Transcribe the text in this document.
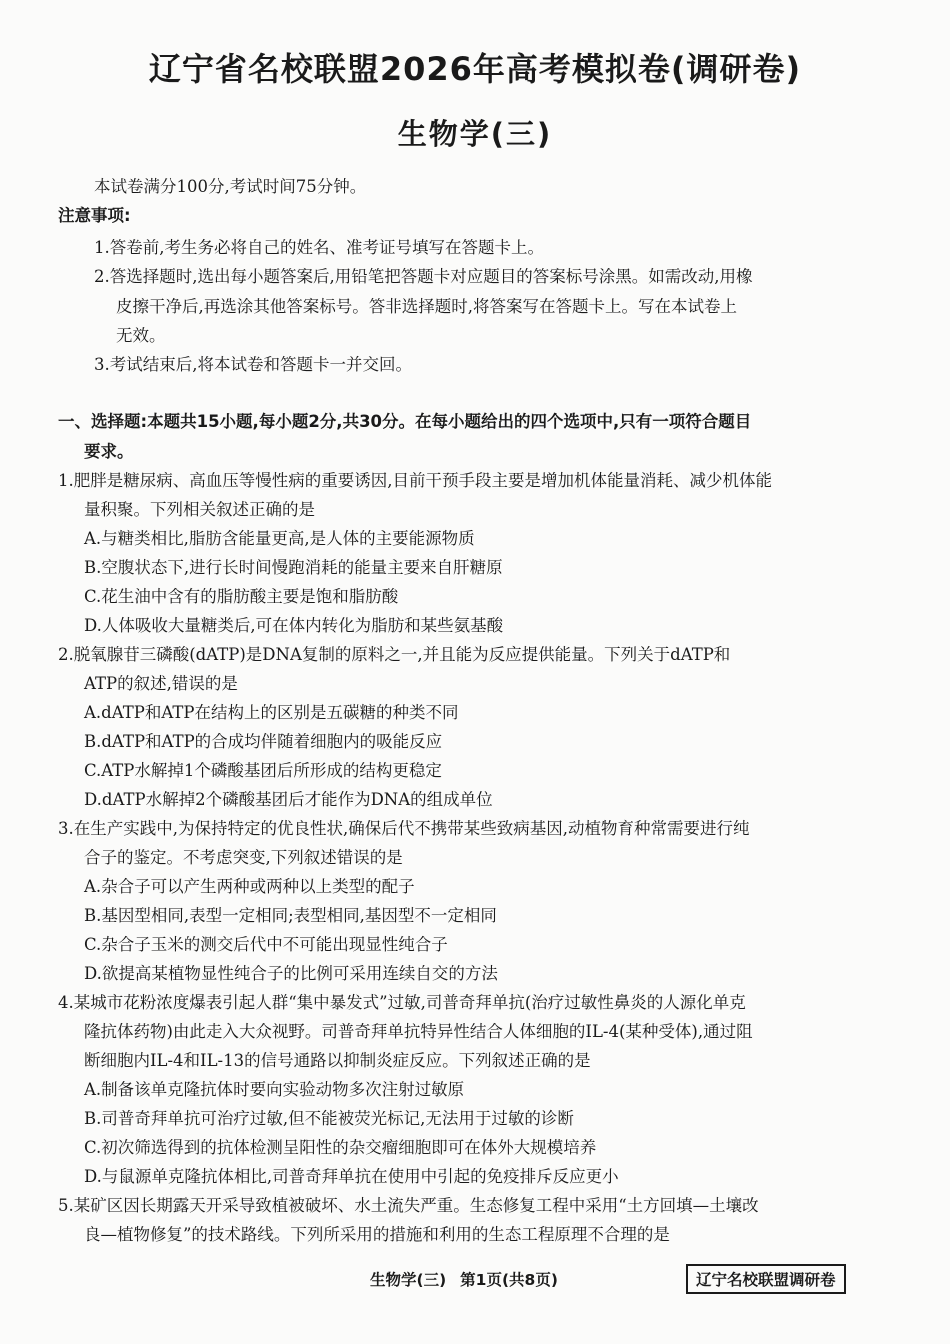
辽宁省名校联盟2026年高考模拟卷(调研卷)
生物学(三)
本试卷满分100分,考试时间75分钟。
注意事项:
1.答卷前,考生务必将自己的姓名、准考证号填写在答题卡上。
2.答选择题时,选出每小题答案后,用铅笔把答题卡对应题目的答案标号涂黑。如需改动,用橡
皮擦干净后,再选涂其他答案标号。答非选择题时,将答案写在答题卡上。写在本试卷上
无效。
3.考试结束后,将本试卷和答题卡一并交回。
一、选择题:本题共15小题,每小题2分,共30分。在每小题给出的四个选项中,只有一项符合题目
要求。
1.肥胖是糖尿病、高血压等慢性病的重要诱因,目前干预手段主要是增加机体能量消耗、减少机体能
量积聚。下列相关叙述正确的是
A.与糖类相比,脂肪含能量更高,是人体的主要能源物质
B.空腹状态下,进行长时间慢跑消耗的能量主要来自肝糖原
C.花生油中含有的脂肪酸主要是饱和脂肪酸
D.人体吸收大量糖类后,可在体内转化为脂肪和某些氨基酸
2.脱氧腺苷三磷酸(dATP)是DNA复制的原料之一,并且能为反应提供能量。下列关于dATP和
ATP的叙述,错误的是
A.dATP和ATP在结构上的区别是五碳糖的种类不同
B.dATP和ATP的合成均伴随着细胞内的吸能反应
C.ATP水解掉1个磷酸基团后所形成的结构更稳定
D.dATP水解掉2个磷酸基团后才能作为DNA的组成单位
3.在生产实践中,为保持特定的优良性状,确保后代不携带某些致病基因,动植物育种常需要进行纯
合子的鉴定。不考虑突变,下列叙述错误的是
A.杂合子可以产生两种或两种以上类型的配子
B.基因型相同,表型一定相同;表型相同,基因型不一定相同
C.杂合子玉米的测交后代中不可能出现显性纯合子
D.欲提高某植物显性纯合子的比例可采用连续自交的方法
4.某城市花粉浓度爆表引起人群“集中暴发式”过敏,司普奇拜单抗(治疗过敏性鼻炎的人源化单克
隆抗体药物)由此走入大众视野。司普奇拜单抗特异性结合人体细胞的IL-4(某种受体),通过阻
断细胞内IL-4和IL-13的信号通路以抑制炎症反应。下列叙述正确的是
A.制备该单克隆抗体时要向实验动物多次注射过敏原
B.司普奇拜单抗可治疗过敏,但不能被荧光标记,无法用于过敏的诊断
C.初次筛选得到的抗体检测呈阳性的杂交瘤细胞即可在体外大规模培养
D.与鼠源单克隆抗体相比,司普奇拜单抗在使用中引起的免疫排斥反应更小
5.某矿区因长期露天开采导致植被破坏、水土流失严重。生态修复工程中采用“土方回填—土壤改
良—植物修复”的技术路线。下列所采用的措施和利用的生态工程原理不合理的是
生物学(三) 第1页(共8页)	辽宁名校联盟调研卷
